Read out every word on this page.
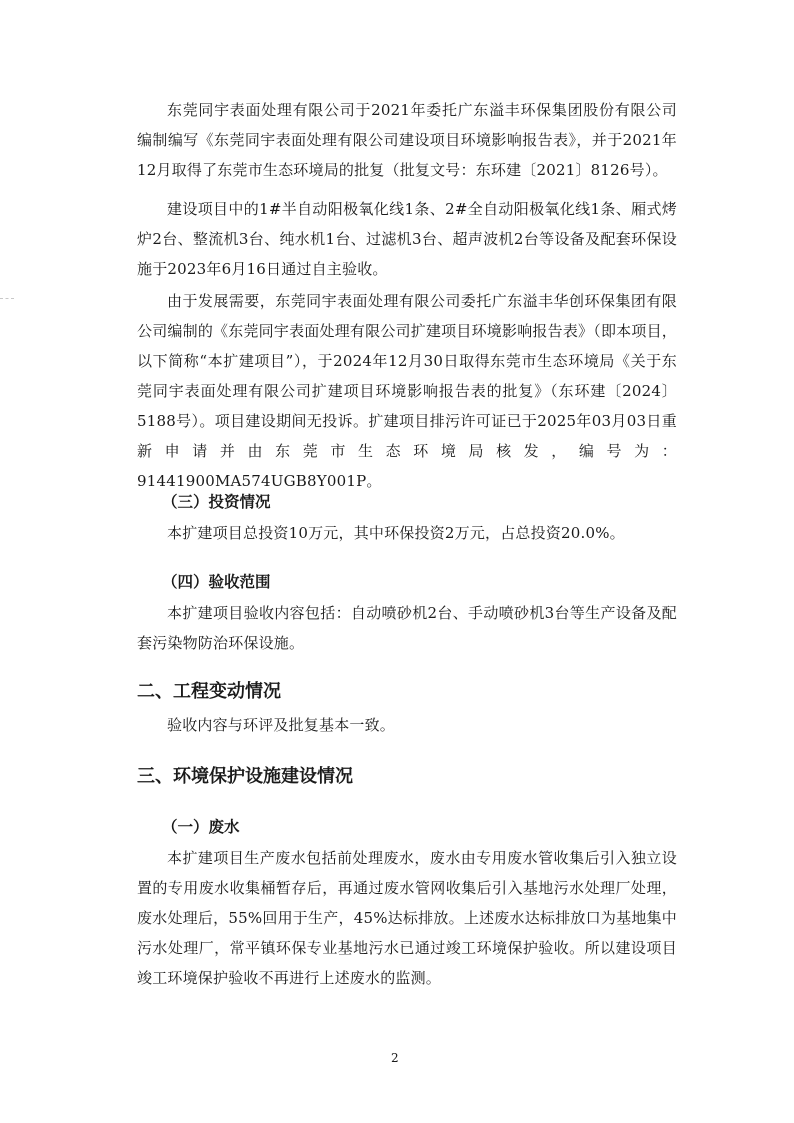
东莞同宇表面处理有限公司于2021年委托广东溢丰环保集团股份有限公司编制编写《东莞同宇表面处理有限公司建设项目环境影响报告表》，并于2021年12月取得了东莞市生态环境局的批复（批复文号：东环建〔2021〕8126号）。

建设项目中的1#半自动阳极氧化线1条、2#全自动阳极氧化线1条、厢式烤炉2台、整流机3台、纯水机1台、过滤机3台、超声波机2台等设备及配套环保设施于2023年6月16日通过自主验收。

由于发展需要，东莞同宇表面处理有限公司委托广东溢丰华创环保集团有限公司编制的《东莞同宇表面处理有限公司扩建项目环境影响报告表》（即本项目，以下简称“本扩建项目”），于2024年12月30日取得东莞市生态环境局《关于东莞同宇表面处理有限公司扩建项目环境影响报告表的批复》（东环建〔2024〕5188号）。项目建设期间无投诉。扩建项目排污许可证已于2025年03月03日重新申请并由东莞市生态环境局核发，编号为：91441900MA574UGB8Y001P。

（三）投资情况

本扩建项目总投资10万元，其中环保投资2万元，占总投资20.0%。

（四）验收范围

本扩建项目验收内容包括：自动喷砂机2台、手动喷砂机3台等生产设备及配套污染物防治环保设施。

二、工程变动情况

验收内容与环评及批复基本一致。

三、环境保护设施建设情况
（一）废水

本扩建项目生产废水包括前处理废水，废水由专用废水管收集后引入独立设置的专用废水收集桶暂存后，再通过废水管网收集后引入基地污水处理厂处理，废水处理后，55%回用于生产，45%达标排放。上述废水达标排放口为基地集中污水处理厂，常平镇环保专业基地污水已通过竣工环境保护验收。所以建设项目竣工环境保护验收不再进行上述废水的监测。

2
